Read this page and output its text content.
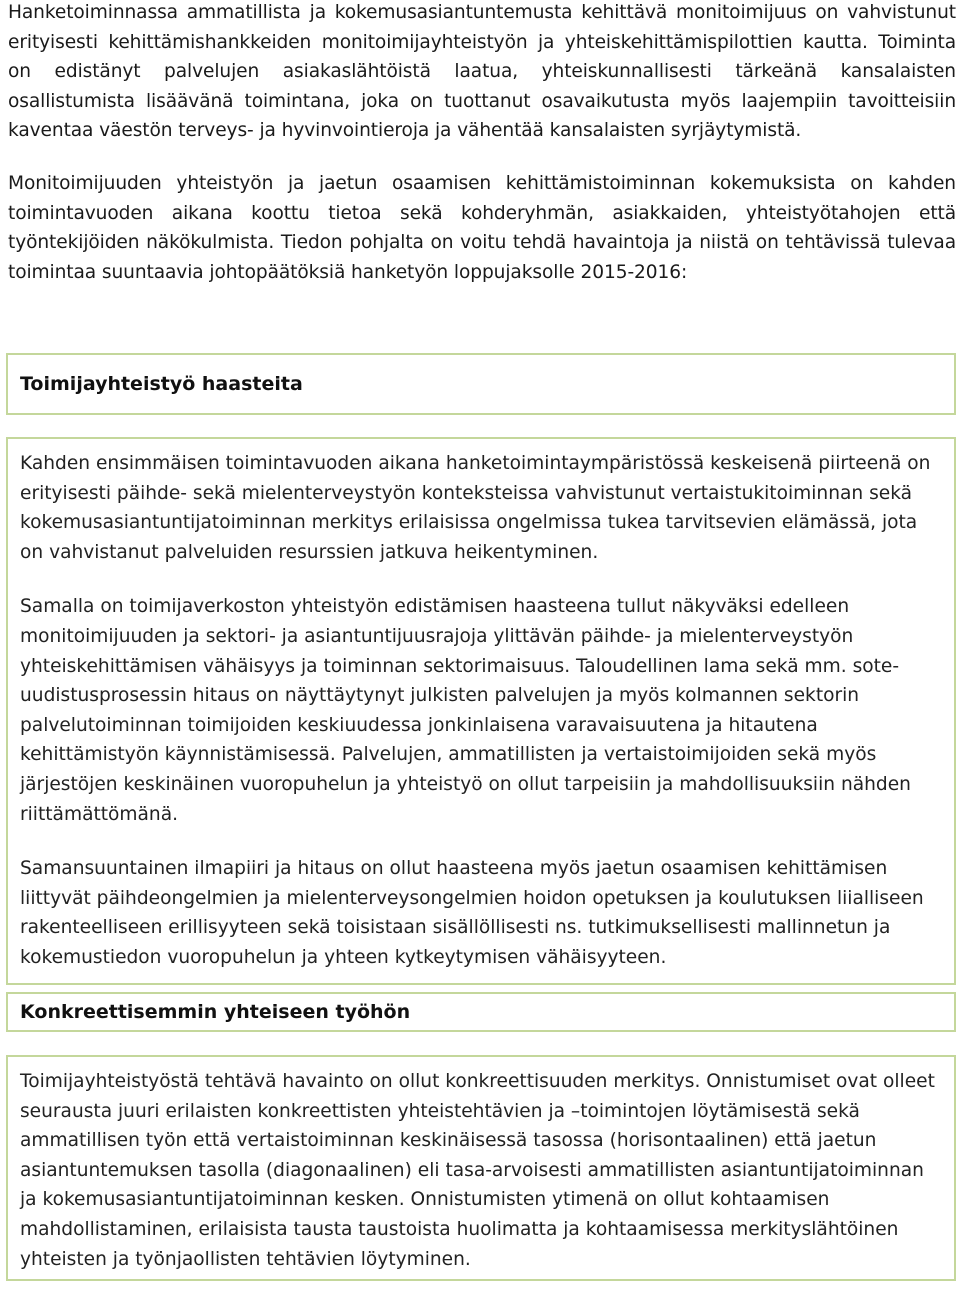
Hanketoiminnassa ammatillista ja kokemusasiantuntemusta kehittävä monitoimijuus on vahvistunut erityisesti kehittämishankkeiden monitoimijayhteistyön ja yhteiskehittämispilottien kautta. Toiminta on edistänyt palvelujen asiakaslähtöistä laatua, yhteiskunnallisesti tärkeänä kansalaisten osallistumista lisäävänä toimintana, joka on tuottanut osavaikutusta myös laajempiin tavoitteisiin kaventaa väestön terveys- ja hyvinvointieroja ja vähentää kansalaisten syrjäytymistä.

Monitoimijuuden yhteistyön ja jaetun osaamisen kehittämistoiminnan kokemuksista on kahden toimintavuoden aikana koottu tietoa sekä kohderyhmän, asiakkaiden, yhteistyötahojen että työntekijöiden näkökulmista. Tiedon pohjalta on voitu tehdä havaintoja ja niistä on tehtävissä tulevaa toimintaa suuntaavia johtopäätöksiä hanketyön loppujaksolle 2015-2016:

Toimijayhteistyö haasteita

Kahden ensimmäisen toimintavuoden aikana hanketoimintaympäristössä keskeisenä piirteenä on erityisesti päihde- sekä mielenterveystyön konteksteissa vahvistunut vertaistukitoiminnan sekä kokemusasiantuntijatoiminnan merkitys erilaisissa ongelmissa tukea tarvitsevien elämässä, jota on vahvistanut palveluiden resurssien jatkuva heikentyminen.

Samalla on toimijaverkoston yhteistyön edistämisen haasteena tullut näkyväksi edelleen monitoimijuuden ja sektori- ja asiantuntijuusrajoja ylittävän päihde- ja mielenterveystyön yhteiskehittämisen vähäisyys ja toiminnan sektorimaisuus. Taloudellinen lama sekä mm. sote-uudistusprosessin hitaus on näyttäytynyt julkisten palvelujen ja myös kolmannen sektorin palvelutoiminnan toimijoiden keskiuudessa jonkinlaisena varavaisuutena ja hitautena kehittämistyön käynnistämisessä. Palvelujen, ammatillisten ja vertaistoimijoiden sekä myös järjestöjen keskinäinen vuoropuhelun ja yhteistyö on ollut tarpeisiin ja mahdollisuuksiin nähden riittämättömänä.

Samansuuntainen ilmapiiri ja hitaus on ollut haasteena myös jaetun osaamisen kehittämisen liittyvät päihdeongelmien ja mielenterveysongelmien hoidon opetuksen ja koulutuksen liialliseen rakenteelliseen erillisyyteen sekä toisistaan sisällöllisesti ns. tutkimuksellisesti mallinnetun ja kokemustiedon vuoropuhelun ja yhteen kytkeytymisen vähäisyyteen.

Konkreettisemmin yhteiseen työhön

Toimijayhteistyöstä tehtävä havainto on ollut konkreettisuuden merkitys. Onnistumiset ovat olleet seurausta juuri erilaisten konkreettisten yhteistehtävien ja –toimintojen löytämisestä sekä ammatillisen työn että vertaistoiminnan keskinäisessä tasossa (horisontaalinen) että jaetun asiantuntemuksen tasolla (diagonaalinen) eli tasa-arvoisesti ammatillisten asiantuntijatoiminnan ja kokemusasiantuntijatoiminnan kesken. Onnistumisten ytimenä on ollut kohtaamisen mahdollistaminen, erilaisista tausta taustoista huolimatta ja kohtaamisessa merkityslähtöinen yhteisten ja työnjaollisten tehtävien löytyminen.
